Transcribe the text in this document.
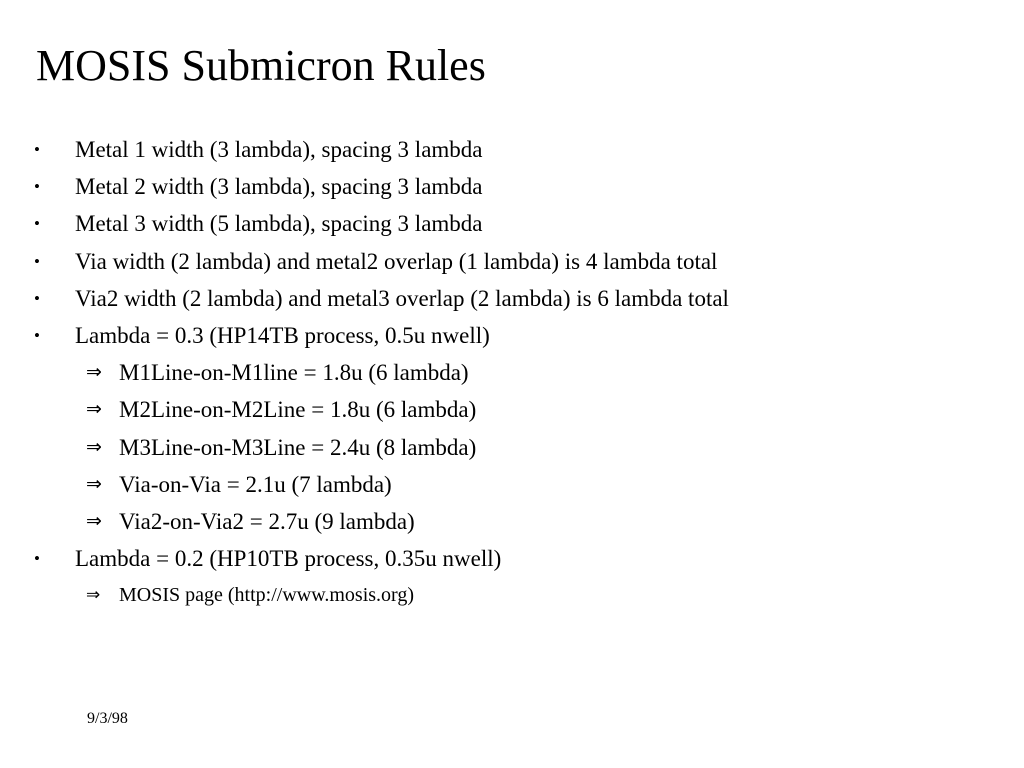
MOSIS Submicron Rules
• Metal 1 width (3 lambda), spacing 3 lambda
• Metal 2 width (3 lambda), spacing 3 lambda
• Metal 3 width (5 lambda), spacing 3 lambda
• Via width (2 lambda) and metal2 overlap (1 lambda) is 4 lambda total
• Via2 width (2 lambda) and metal3 overlap (2 lambda) is 6 lambda total
• Lambda = 0.3 (HP14TB process, 0.5u nwell)
⇒ M1Line-on-M1line = 1.8u (6 lambda)
⇒ M2Line-on-M2Line = 1.8u (6 lambda)
⇒ M3Line-on-M3Line = 2.4u (8 lambda)
⇒ Via-on-Via = 2.1u (7 lambda)
⇒ Via2-on-Via2 = 2.7u (9 lambda)
• Lambda = 0.2 (HP10TB process, 0.35u nwell)
⇒ MOSIS page (http://www.mosis.org)
9/3/98
